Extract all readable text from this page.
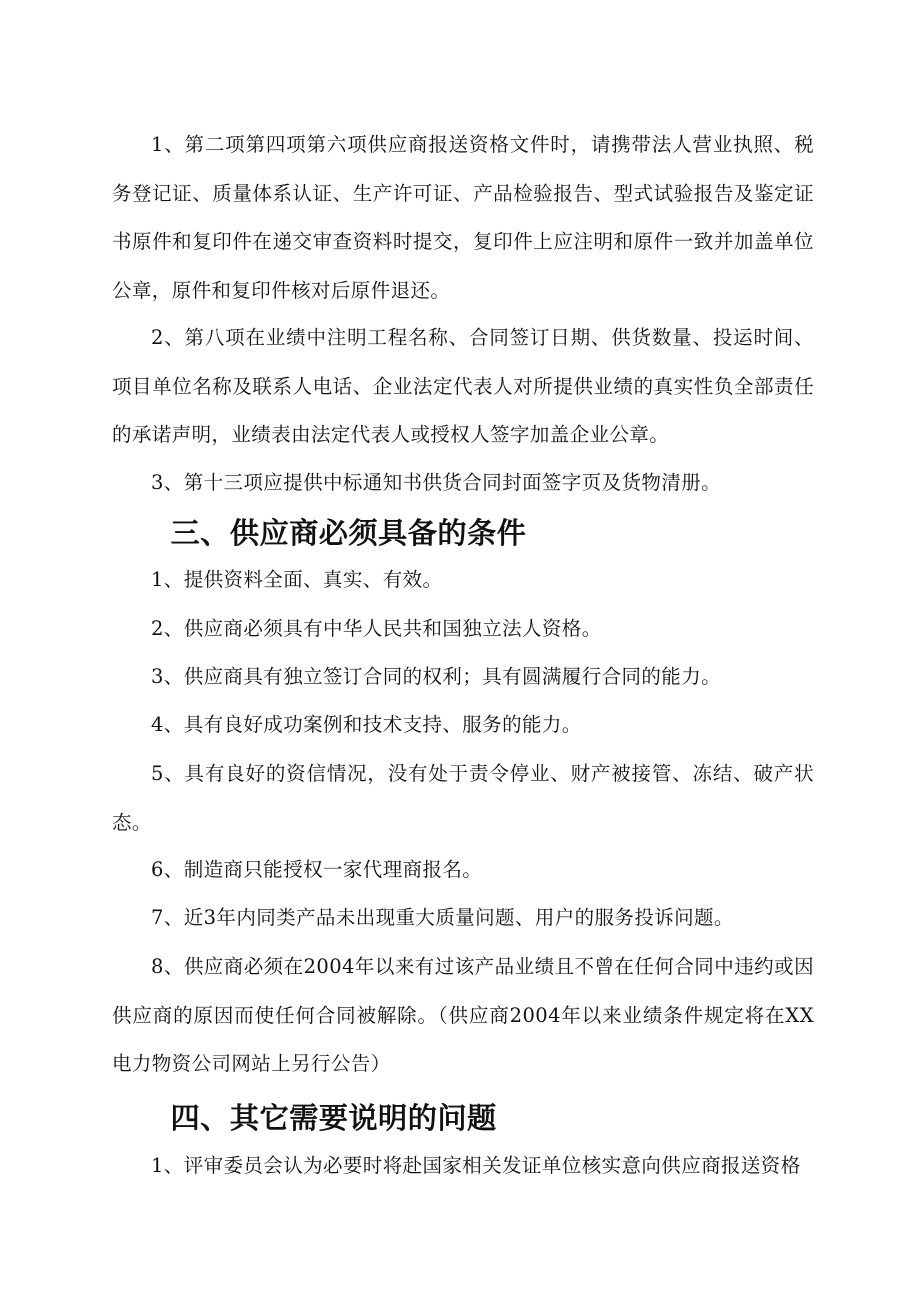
1、第二项第四项第六项供应商报送资格文件时，请携带法人营业执照、税务登记证、质量体系认证、生产许可证、产品检验报告、型式试验报告及鉴定证书原件和复印件在递交审查资料时提交，复印件上应注明和原件一致并加盖单位公章，原件和复印件核对后原件退还。

2、第八项在业绩中注明工程名称、合同签订日期、供货数量、投运时间、项目单位名称及联系人电话、企业法定代表人对所提供业绩的真实性负全部责任的承诺声明，业绩表由法定代表人或授权人签字加盖企业公章。

3、第十三项应提供中标通知书供货合同封面签字页及货物清册。

三、供应商必须具备的条件

1、提供资料全面、真实、有效。

2、供应商必须具有中华人民共和国独立法人资格。

3、供应商具有独立签订合同的权利；具有圆满履行合同的能力。

4、具有良好成功案例和技术支持、服务的能力。

5、具有良好的资信情况，没有处于责令停业、财产被接管、冻结、破产状态。

6、制造商只能授权一家代理商报名。

7、近3年内同类产品未出现重大质量问题、用户的服务投诉问题。

8、供应商必须在2004年以来有过该产品业绩且不曾在任何合同中违约或因供应商的原因而使任何合同被解除。（供应商2004年以来业绩条件规定将在XX电力物资公司网站上另行公告）

四、其它需要说明的问题

1、评审委员会认为必要时将赴国家相关发证单位核实意向供应商报送资格
